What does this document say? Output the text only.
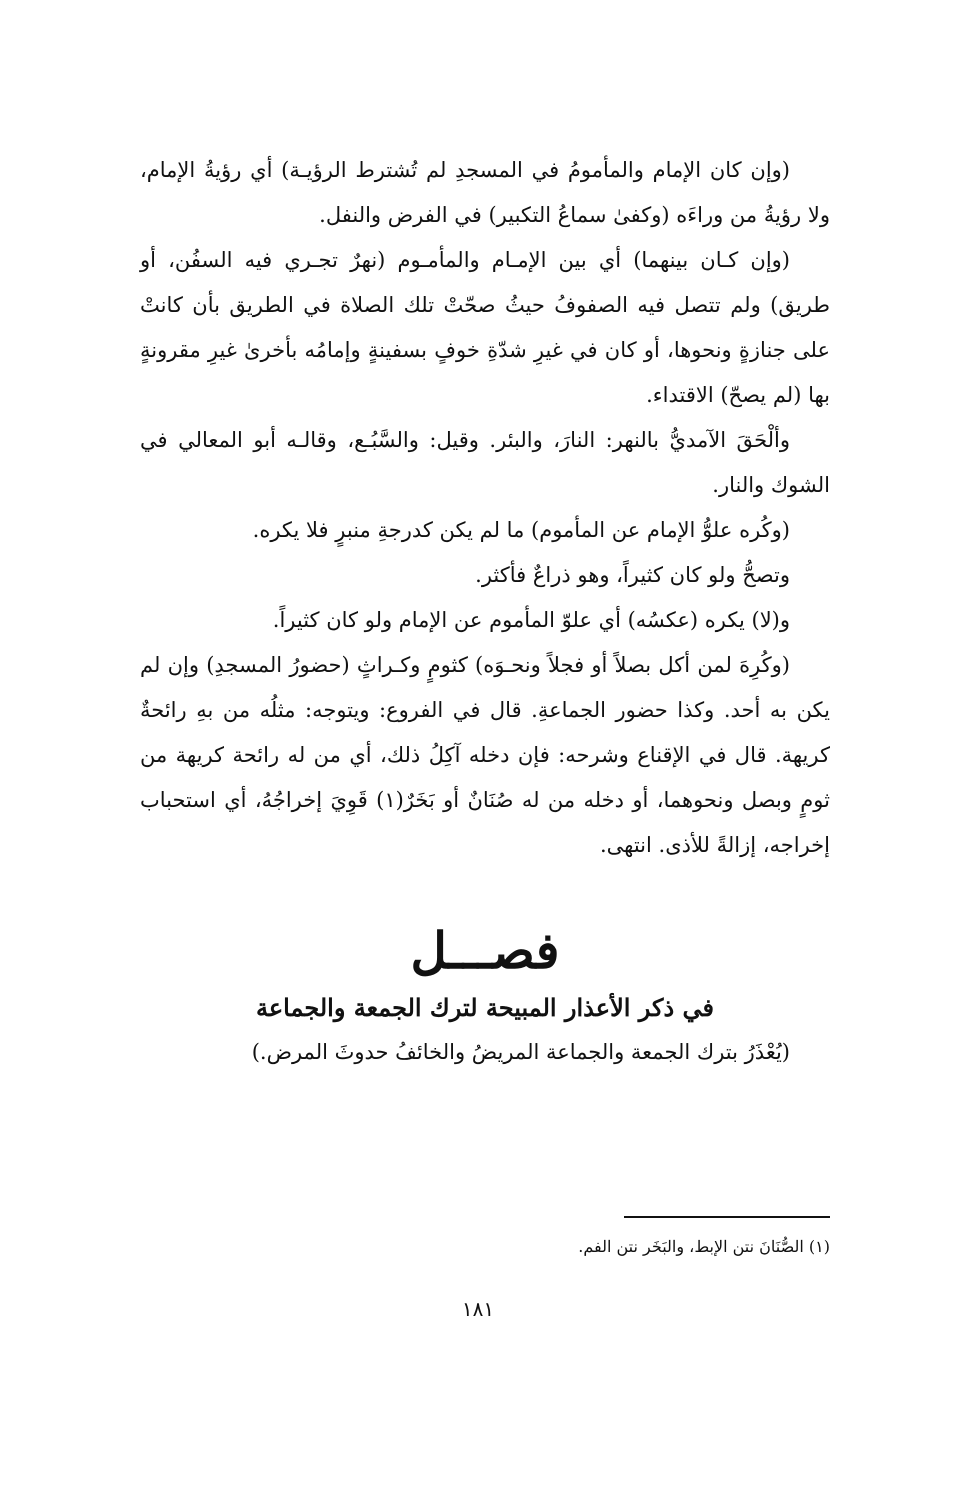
(وإن كان الإمام والمأمومُ في المسجدِ لم تُشترط الرؤيـة) أي رؤيةُ الإمام، ولا رؤيةُ من وراءَه (وكفىٰ سماعُ التكبير) في الفرض والنفل.

(وإن كـان بينهما) أي بين الإمـام والمأمـوم (نهرٌ تجـري فيه السفُن، أو طريق) ولم تتصل فيه الصفوفُ حيثُ صحّتْ تلك الصلاة في الطريق بأن كانتْ على جنازةٍ ونحوها، أو كان في غيرِ شدّةِ خوفٍ بسفينةٍ وإمامُه بأخرىٰ غيرِ مقرونةٍ بها (لم يصحّ) الاقتداء.

وألْحَقَ الآمديُّ بالنهر: النارَ، والبئر. وقيل: والسَّبُـع، وقالـه أبو المعالي في الشوك والنار.

(وكُره علوُّ الإمام عن المأموم) ما لم يكن كدرجةِ منبرٍ فلا يكره.

وتصحُّ ولو كان كثيراً، وهو ذراعٌ فأكثر.

و(لا) يكره (عكسُه) أي علوّ المأموم عن الإمام ولو كان كثيراً.

(وكُرِهَ لمن أكل بصلاً أو فجلاً ونحـوَه) كثومٍ وكـراثٍ (حضورُ المسجدِ) وإن لم يكن به أحد. وكذا حضور الجماعةِ. قال في الفروع: ويتوجه: مثلُه من بهِ رائحةٌ كريهة. قال في الإقناع وشرحه: فإن دخله آكِلُ ذلك، أي من له رائحة كريهة من ثومٍ وبصل ونحوهما، أو دخله من له صُنَانٌ أو بَخَرٌ(١) قَوِيَ إخراجُهُ، أي استحباب إخراجه، إزالةً للأذى. انتهى.

فصـــل

في ذكر الأعذار المبيحة لترك الجمعة والجماعة

(يُعْذَرُ بترك الجمعة والجماعة المريضُ والخائفُ حدوثَ المرض.)

(١) الصُّنَانَ نتن الإبط، والبَخَر نتن الفم.

١٨١
